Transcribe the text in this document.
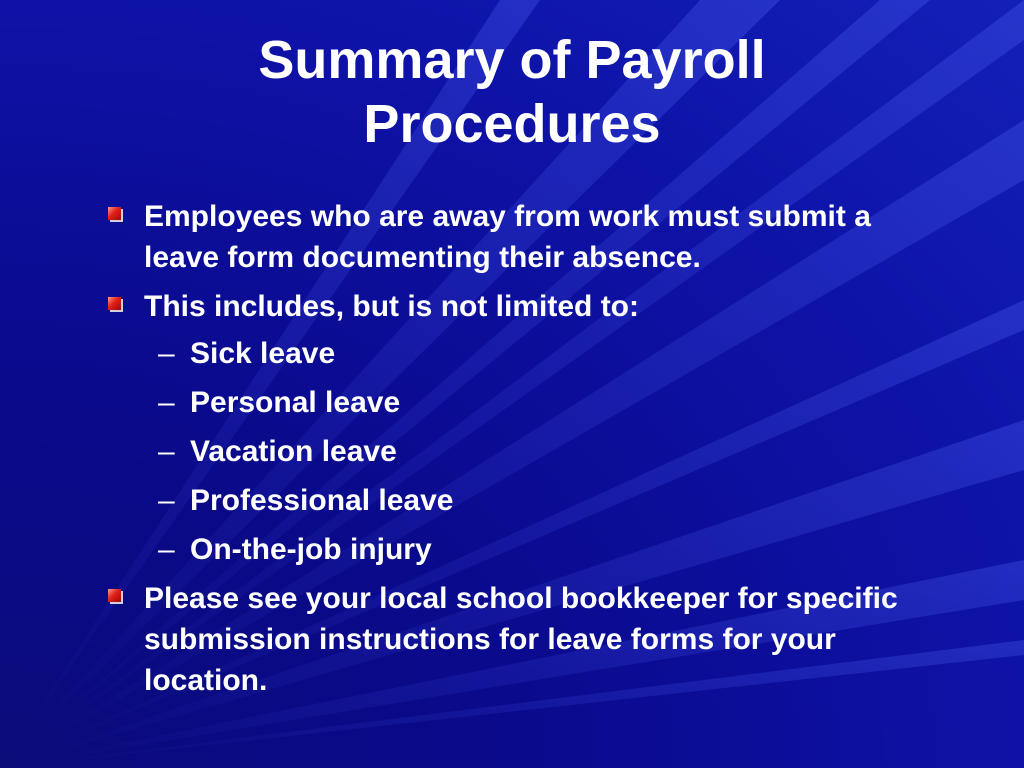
Summary of Payroll
Procedures
Employees who are away from work must submit a leave form documenting their absence.
This includes, but is not limited to:
– Sick leave
– Personal leave
– Vacation leave
– Professional leave
– On-the-job injury
Please see your local school bookkeeper for specific submission instructions for leave forms for your location.
